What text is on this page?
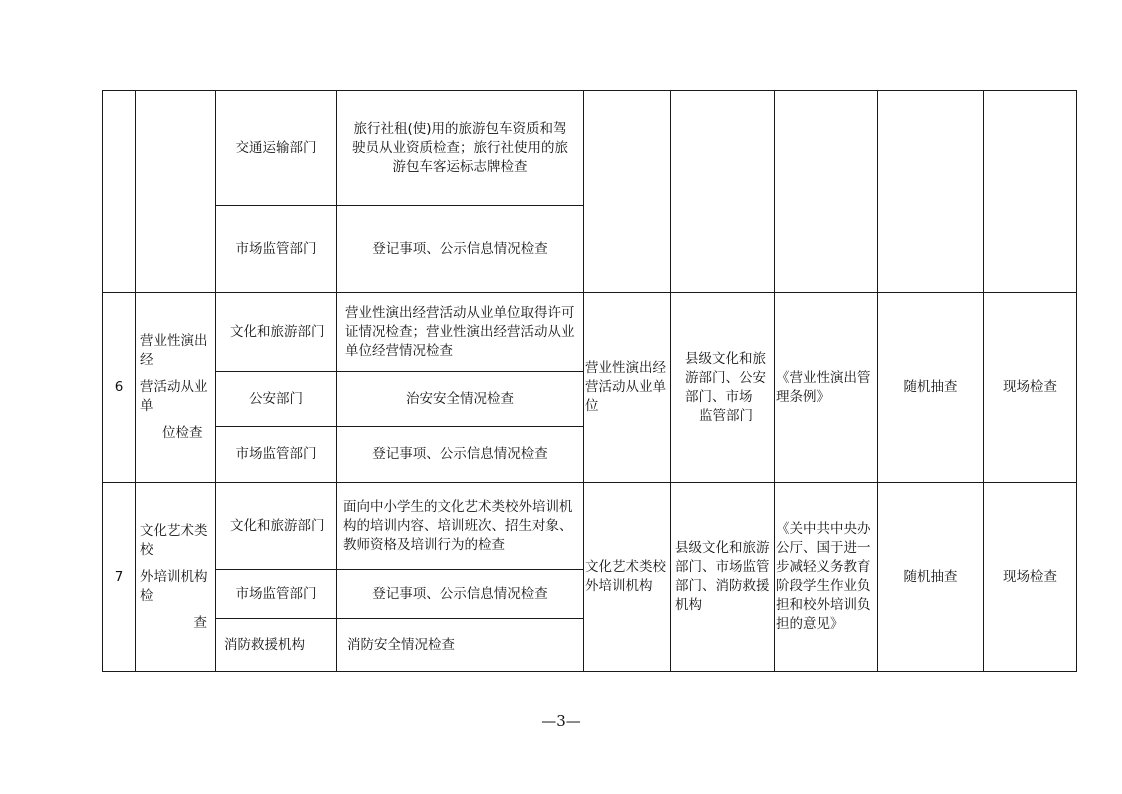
		交通运输部门	旅行社租(使)用的旅游包车资质和驾驶员从业资质检查；旅行社使用的旅游包车客运标志牌检查					
		市场监管部门	登记事项、公示信息情况检查					
6	营业性演出经
营活动从业单
位检查	文化和旅游部门	营业性演出经营活动从业单位取得许可证情况检查；营业性演出经营活动从业单位经营情况检查	营业性演出经营活动从业单位	县级文化和旅游部门、公安部门、市场
监管部门	《营业性演出管理条例》	随机抽查	现场检查
		公安部门	治安安全情况检查					
		市场监管部门	登记事项、公示信息情况检查					
7	文化艺术类校
外培训机构检
查	文化和旅游部门	面向中小学生的文化艺术类校外培训机构的培训内容、培训班次、招生对象、教师资格及培训行为的检查	文化艺术类校外培训机构	县级文化和旅游部门、市场监管部门、消防救援机构	《关中共中央办公厅、国于进一步减轻义务教育阶段学生作业负担和校外培训负担的意见》	随机抽查	现场检查
		市场监管部门	登记事项、公示信息情况检查					
		消防救援机构	消防安全情况检查					
—3—
